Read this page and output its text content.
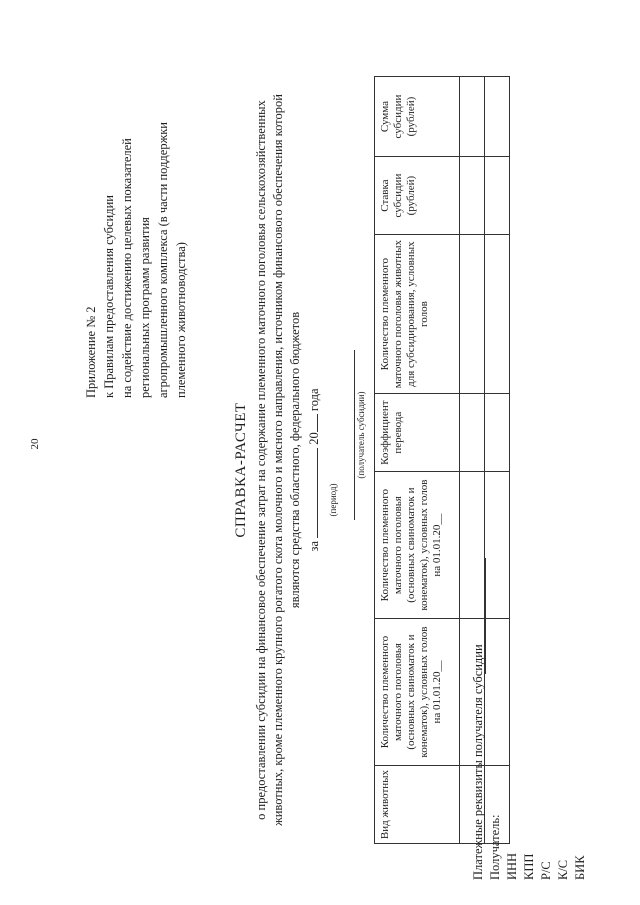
20
Приложение № 2 к Правилам предоставления субсидии на содействие достижению целевых показателей региональных программ развития агропромышленного комплекса (в части поддержки племенного животноводства)
СПРАВКА-РАСЧЕТ о предоставлении субсидии на финансовое обеспечение затрат на содержание племенного маточного поголовья сельскохозяйственных животных, кроме племенного крупного рогатого скота молочного и мясного направления, источником финансового обеспечения которой являются средства областного, федерального бюджетов за  20 года
(период)
(получатель субсидии)
Вид животных	Количество племенного маточного поголовья (основных свиноматок и конематок), условных голов на 01.01.20__	Количество племенного маточного поголовья (основных свиноматок и конематок), условных голов на 01.01.20__	Коэффициент перевода	Количество племенного маточного поголовья животных для субсидирования, условных голов	Ставка субсидии (рублей)	Сумма субсидии (рублей)

Платежные реквизиты получателя субсидии Получатель: ИНН КПП Р/С К/С БИК
